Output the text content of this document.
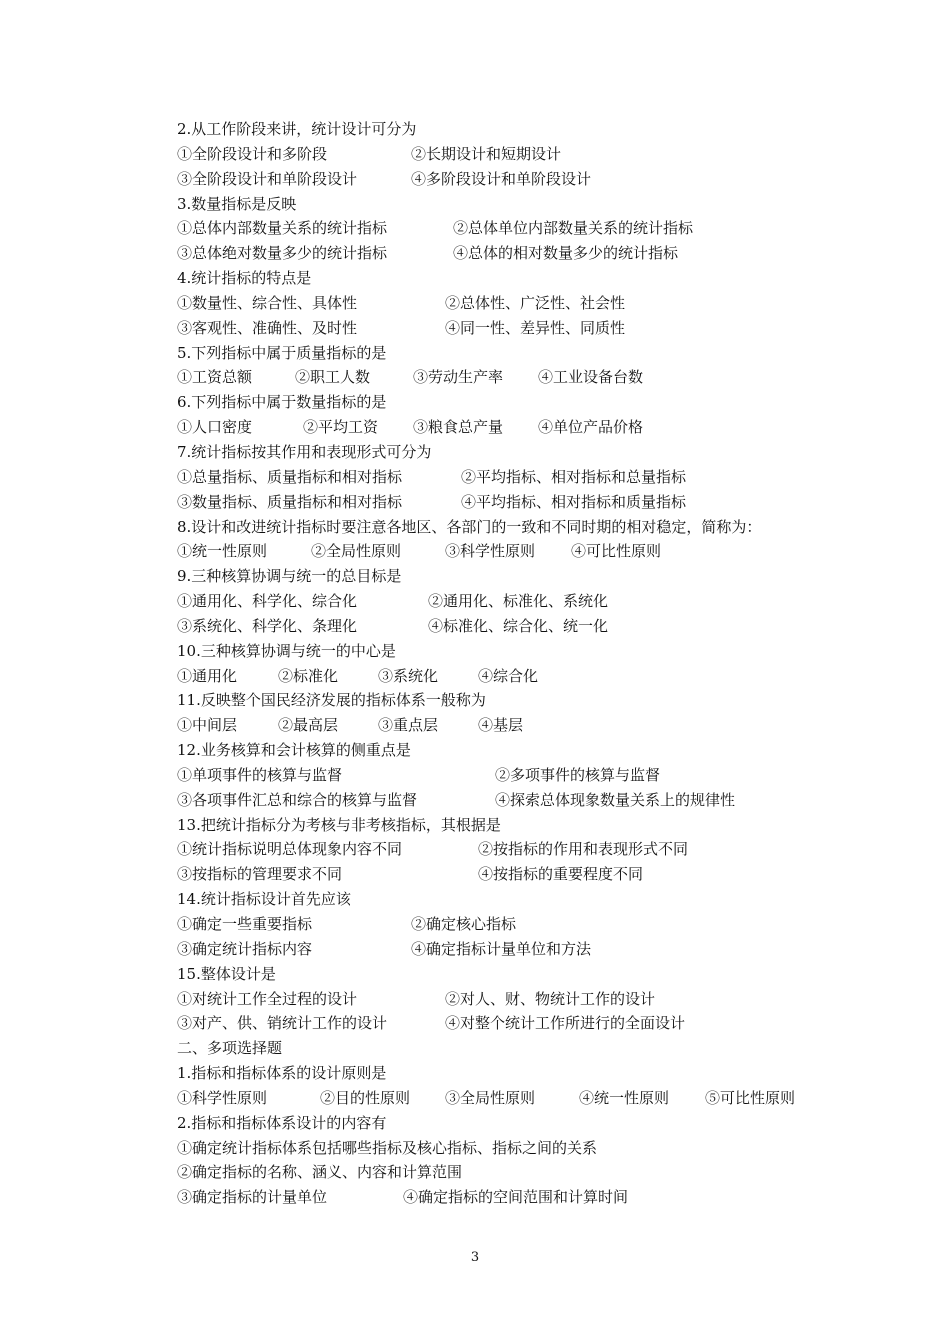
2.从工作阶段来讲，统计设计可分为
①全阶段设计和多阶段	②长期设计和短期设计
③全阶段设计和单阶段设计	④多阶段设计和单阶段设计
3.数量指标是反映
①总体内部数量关系的统计指标	②总体单位内部数量关系的统计指标
③总体绝对数量多少的统计指标	④总体的相对数量多少的统计指标
4.统计指标的特点是
①数量性、综合性、具体性	②总体性、广泛性、社会性
③客观性、准确性、及时性	④同一性、差异性、同质性
5.下列指标中属于质量指标的是
①工资总额	②职工人数	③劳动生产率 ④工业设备台数
6.下列指标中属于数量指标的是
①人口密度	②平均工资 ③粮食总产量 ④单位产品价格
7.统计指标按其作用和表现形式可分为
①总量指标、质量指标和相对指标	②平均指标、相对指标和总量指标
③数量指标、质量指标和相对指标	④平均指标、相对指标和质量指标
8.设计和改进统计指标时要注意各地区、各部门的一致和不同时期的相对稳定，简称为：
①统一性原则	②全局性原则	③科学性原则 ④可比性原则
9.三种核算协调与统一的总目标是
①通用化、科学化、综合化	②通用化、标准化、系统化
③系统化、科学化、条理化	④标准化、综合化、统一化
10.三种核算协调与统一的中心是
①通用化	②标准化	③系统化	④综合化
11.反映整个国民经济发展的指标体系一般称为
①中间层	②最高层	③重点层	④基层
12.业务核算和会计核算的侧重点是
①单项事件的核算与监督	②多项事件的核算与监督
③各项事件汇总和综合的核算与监督	④探索总体现象数量关系上的规律性
13.把统计指标分为考核与非考核指标，其根据是
①统计指标说明总体现象内容不同	②按指标的作用和表现形式不同
③按指标的管理要求不同	④按指标的重要程度不同
14.统计指标设计首先应该
①确定一些重要指标	②确定核心指标
③确定统计指标内容	④确定指标计量单位和方法
15.整体设计是
①对统计工作全过程的设计	②对人、财、物统计工作的设计
③对产、供、销统计工作的设计	④对整个统计工作所进行的全面设计
二、多项选择题
1.指标和指标体系的设计原则是
①科学性原则	②目的性原则 ③全局性原则	④统一性原则 ⑤可比性原则
2.指标和指标体系设计的内容有
①确定统计指标体系包括哪些指标及核心指标、指标之间的关系
②确定指标的名称、涵义、内容和计算范围
③确定指标的计量单位	④确定指标的空间范围和计算时间
3
